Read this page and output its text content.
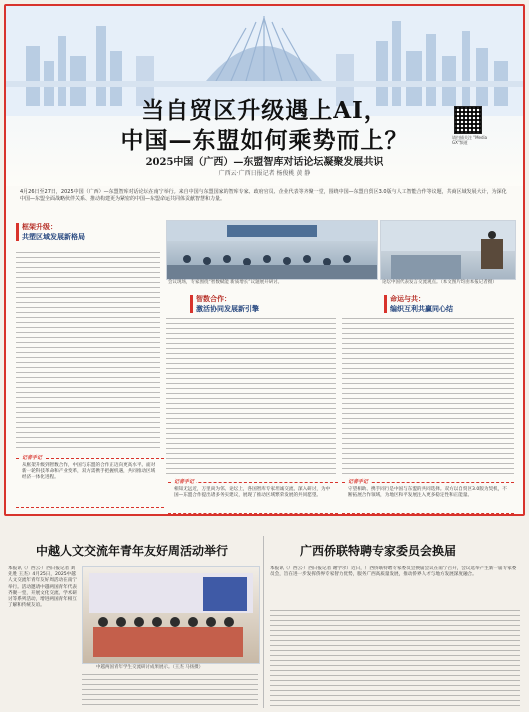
当自贸区升级遇上AI，
中国—东盟如何乘势而上？
2025中国（广西）—东盟智库对话论坛凝聚发展共识
广西云·广西日报记者 杨俊桃 黄 静
请扫描关注 "Media GX"频道
4月26日至27日，2025中国（广西）—东盟智库对话论坛在南宁举行。来自中国与东盟国家的智库专家、政府官员、企业代表等齐聚一堂，围绕中国—东盟自贸区3.0版与人工智能合作等议题，共商区域发展大计，为深化中国—东盟全面战略伙伴关系、推动构建更为紧密的中国—东盟命运共同体贡献智慧和力量。
框架升级：
共塑区域发展新格局
会议现场，专家围绕“智数赋能 新质增长”议题展开研讨。	论坛中国代表发言交流观点。（本文图片均由本报记者摄）
智数合作：
激活协同发展新引擎
命运与共：
编织互利共赢同心结
记者手记
从框架升级到智数合作，中国与东盟的合作正迈向更高水平。面对新一轮科技革命和产业变革，双方需携手把握机遇，共同推动区域经济一体化进程。
记者手记
相知无远近，万里尚为邻。论坛上，各国智库专家坦诚交流、深入研讨，为中国—东盟合作提出诸多务实建议，展现了推动区域繁荣发展的共同愿望。
记者手记
守望相助、携手同行是中国与东盟的共同选择。双方以自贸区3.0版为契机，不断拓展合作领域，为地区和平发展注入更多稳定性和正能量。
中越人文交流年青年友好周活动举行	广西侨联特聘专家委员会换届
本报讯（广西云·广西日报记者 刘先胜 王杰）4月25日，2025中越人文交流年青年友好周活动在南宁举行。活动邀请中越两国青年代表齐聚一堂，开展文化交流、学术研讨等系列活动，增进两国青年相互了解和传统友谊。
中越两国青年学生交流研讨成果展示。（王杰 马扬摄）
本报讯（广西云·广西日报记者 谢学尔）近日，广西侨联特聘专家委员会换届会议在南宁召开，会议选举产生新一届专家委员会，旨在进一步发挥侨界专家智力优势，服务广西高质量发展，推动侨界人才与地方发展深度融合。
